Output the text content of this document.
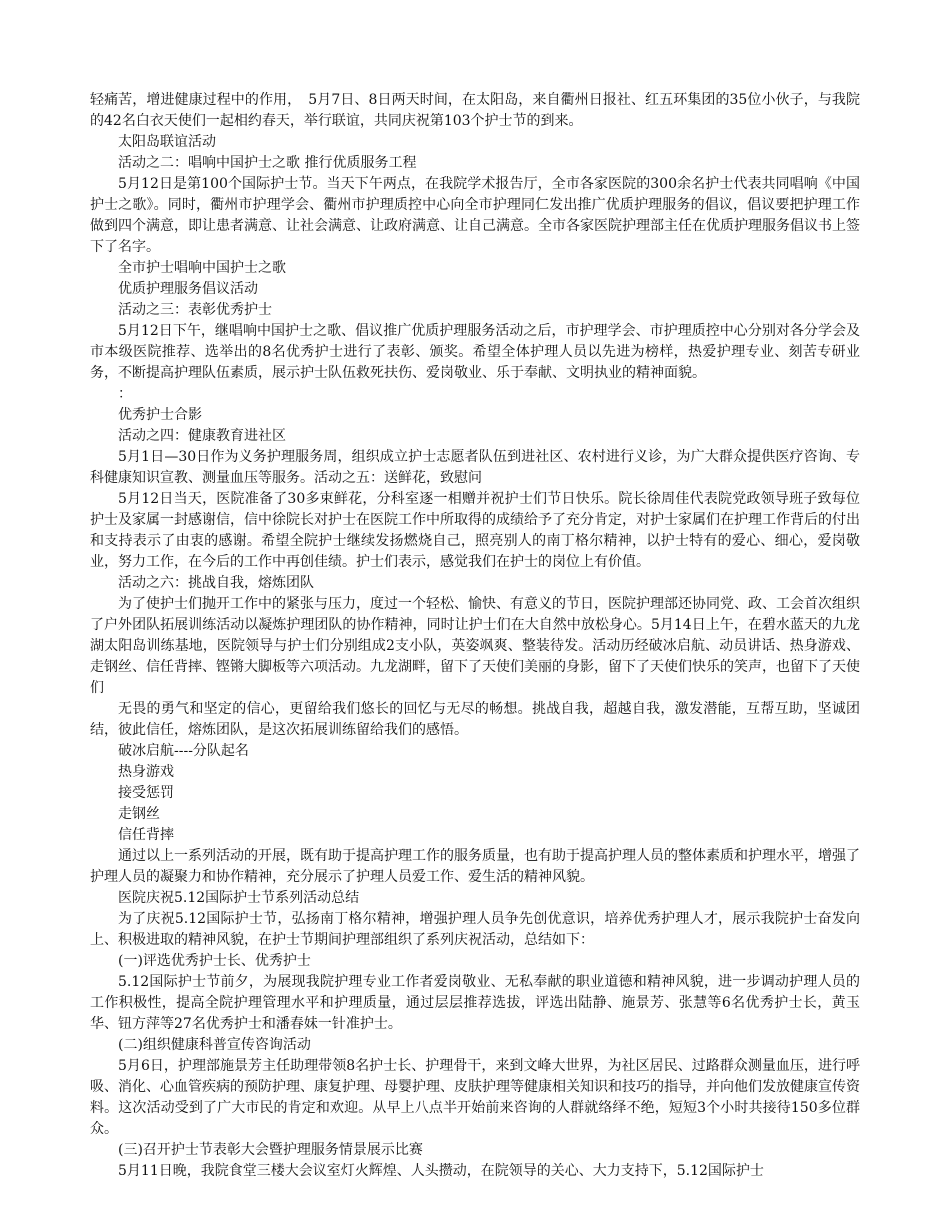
轻痛苦，增进健康过程中的作用，　5月7日、8日两天时间，在太阳岛，来自衢州日报社、红五环集团的35位小伙子，与我院的42名白衣天使们一起相约春天，举行联谊，共同庆祝第103个护士节的到来。

太阳岛联谊活动

活动之二：唱响中国护士之歌 推行优质服务工程

5月12日是第100个国际护士节。当天下午两点，在我院学术报告厅，全市各家医院的300余名护士代表共同唱响《中国护士之歌》。同时，衢州市护理学会、衢州市护理质控中心向全市护理同仁发出推广优质护理服务的倡议，倡议要把护理工作做到四个满意，即让患者满意、让社会满意、让政府满意、让自己满意。全市各家医院护理部主任在优质护理服务倡议书上签下了名字。

全市护士唱响中国护士之歌

优质护理服务倡议活动

活动之三：表彰优秀护士

5月12日下午，继唱响中国护士之歌、倡议推广优质护理服务活动之后，市护理学会、市护理质控中心分别对各分学会及市本级医院推荐、选举出的8名优秀护士进行了表彰、颁奖。希望全体护理人员以先进为榜样，热爱护理专业、刻苦专研业务，不断提高护理队伍素质，展示护士队伍救死扶伤、爱岗敬业、乐于奉献、文明执业的精神面貌。

：

优秀护士合影

活动之四：健康教育进社区

5月1日—30日作为义务护理服务周，组织成立护士志愿者队伍到进社区、农村进行义诊，为广大群众提供医疗咨询、专科健康知识宣教、测量血压等服务。活动之五：送鲜花，致慰问

5月12日当天，医院准备了30多束鲜花，分科室逐一相赠并祝护士们节日快乐。院长徐周佳代表院党政领导班子致每位护士及家属一封感谢信，信中徐院长对护士在医院工作中所取得的成绩给予了充分肯定，对护士家属们在护理工作背后的付出和支持表示了由衷的感谢。希望全院护士继续发扬燃烧自己，照亮别人的南丁格尔精神，以护士特有的爱心、细心，爱岗敬业，努力工作，在今后的工作中再创佳绩。护士们表示，感觉我们在护士的岗位上有价值。

活动之六：挑战自我，熔炼团队

为了使护士们抛开工作中的紧张与压力，度过一个轻松、愉快、有意义的节日，医院护理部还协同党、政、工会首次组织了户外团队拓展训练活动以凝炼护理团队的协作精神，同时让护士们在大自然中放松身心。5月14日上午，在碧水蓝天的九龙湖太阳岛训练基地，医院领导与护士们分别组成2支小队，英姿飒爽、整装待发。活动历经破冰启航、动员讲话、热身游戏、走钢丝、信任背摔、铿锵大脚板等六项活动。九龙湖畔，留下了天使们美丽的身影，留下了天使们快乐的笑声，也留下了天使们

无畏的勇气和坚定的信心，更留给我们悠长的回忆与无尽的畅想。挑战自我，超越自我，激发潜能，互帮互助，坚诚团结，彼此信任，熔炼团队，是这次拓展训练留给我们的感悟。

破冰启航----分队起名

热身游戏

接受惩罚

走钢丝

信任背摔

通过以上一系列活动的开展，既有助于提高护理工作的服务质量，也有助于提高护理人员的整体素质和护理水平，增强了护理人员的凝聚力和协作精神，充分展示了护理人员爱工作、爱生活的精神风貌。

医院庆祝5.12国际护士节系列活动总结

为了庆祝5.12国际护士节，弘扬南丁格尔精神，增强护理人员争先创优意识，培养优秀护理人才，展示我院护士奋发向上、积极进取的精神风貌，在护士节期间护理部组织了系列庆祝活动，总结如下：

(一)评选优秀护士长、优秀护士

5.12国际护士节前夕，为展现我院护理专业工作者爱岗敬业、无私奉献的职业道德和精神风貌，进一步调动护理人员的工作积极性，提高全院护理管理水平和护理质量，通过层层推荐选拔，评选出陆静、施景芳、张慧等6名优秀护士长，黄玉华、钮方萍等27名优秀护士和潘春妹一针准护士。

(二)组织健康科普宣传咨询活动

5月6日，护理部施景芳主任助理带领8名护士长、护理骨干，来到文峰大世界，为社区居民、过路群众测量血压，进行呼吸、消化、心血管疾病的预防护理、康复护理、母婴护理、皮肤护理等健康相关知识和技巧的指导，并向他们发放健康宣传资料。这次活动受到了广大市民的肯定和欢迎。从早上八点半开始前来咨询的人群就络绎不绝，短短3个小时共接待150多位群众。

(三)召开护士节表彰大会暨护理服务情景展示比赛

5月11日晚，我院食堂三楼大会议室灯火辉煌、人头攒动，在院领导的关心、大力支持下，5.12国际护士
